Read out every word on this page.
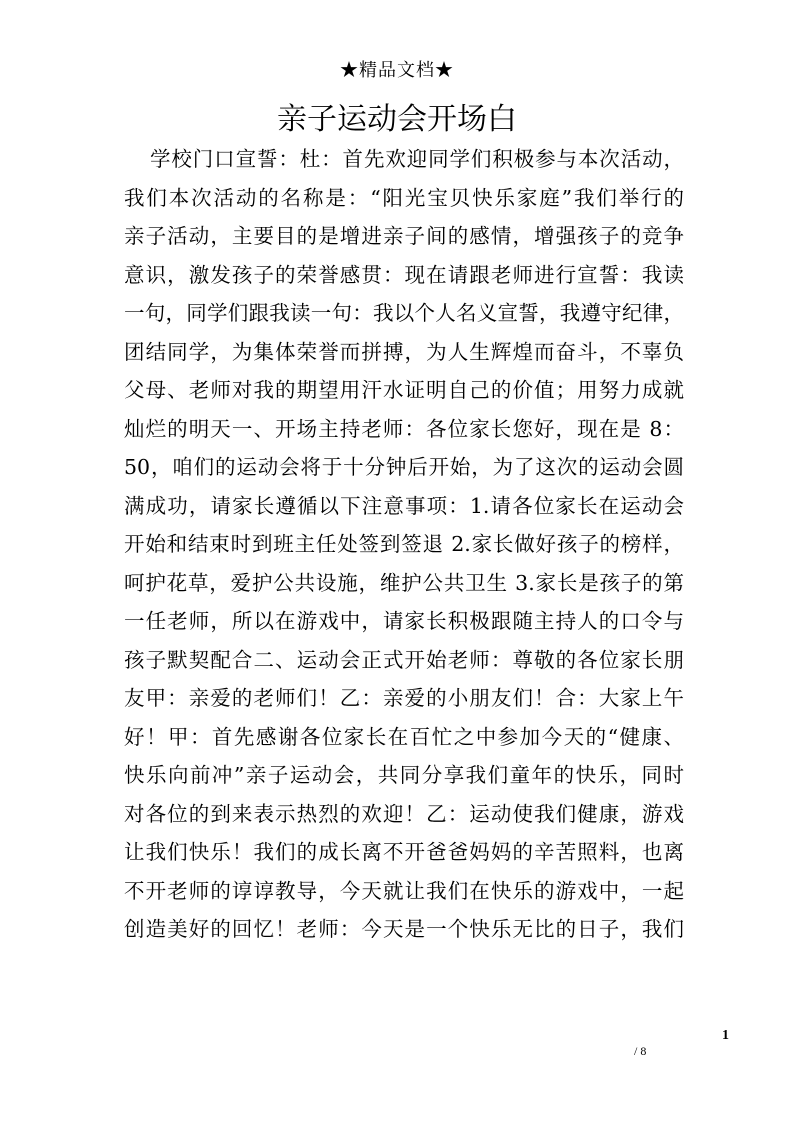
★精品文档★
亲子运动会开场白
学校门口宣誓：杜：首先欢迎同学们积极参与本次活动，
我们本次活动的名称是：“阳光宝贝快乐家庭”我们举行的
亲子活动，主要目的是增进亲子间的感情，增强孩子的竞争
意识，激发孩子的荣誉感贯：现在请跟老师进行宣誓：我读
一句，同学们跟我读一句：我以个人名义宣誓，我遵守纪律，
团结同学，为集体荣誉而拼搏，为人生辉煌而奋斗，不辜负
父母、老师对我的期望用汗水证明自己的价值；用努力成就
灿烂的明天一、开场主持老师：各位家长您好，现在是 8：
50，咱们的运动会将于十分钟后开始，为了这次的运动会圆
满成功，请家长遵循以下注意事项：1.请各位家长在运动会
开始和结束时到班主任处签到签退 2.家长做好孩子的榜样，
呵护花草，爱护公共设施，维护公共卫生 3.家长是孩子的第
一任老师，所以在游戏中，请家长积极跟随主持人的口令与
孩子默契配合二、运动会正式开始老师：尊敬的各位家长朋
友甲：亲爱的老师们！乙：亲爱的小朋友们！合：大家上午
好！甲：首先感谢各位家长在百忙之中参加今天的“健康、
快乐向前冲”亲子运动会，共同分享我们童年的快乐，同时
对各位的到来表示热烈的欢迎！乙：运动使我们健康，游戏
让我们快乐！我们的成长离不开爸爸妈妈的辛苦照料，也离
不开老师的谆谆教导，今天就让我们在快乐的游戏中，一起
创造美好的回忆！老师：今天是一个快乐无比的日子，我们
1
/ 8
